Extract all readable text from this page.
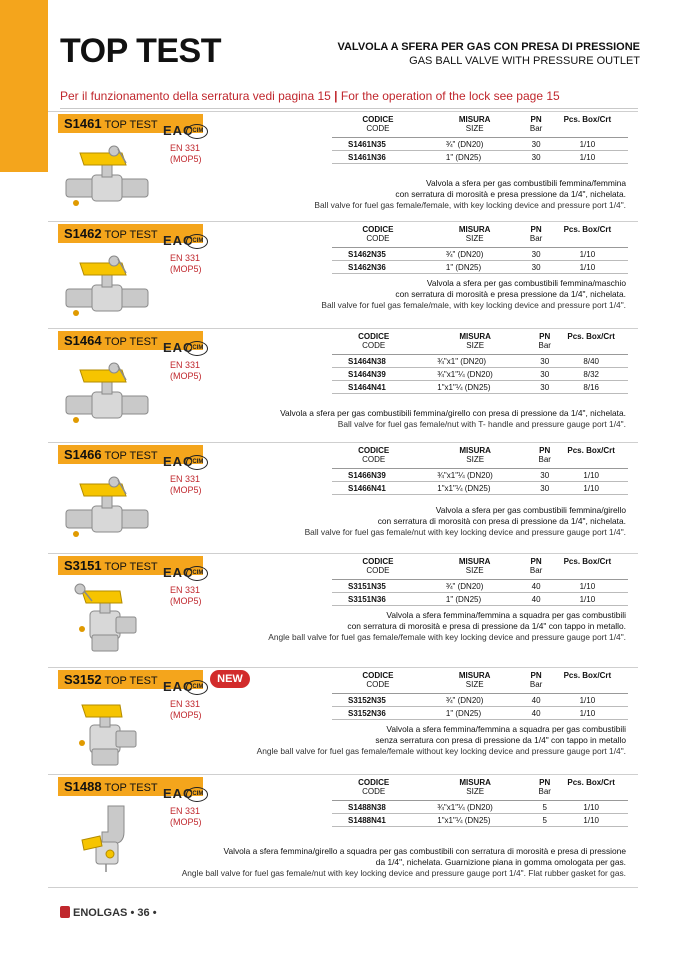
TOP TEST	VALVOLA A SFERA PER GAS CON PRESA DI PRESSIONE
GAS BALL VALVE WITH PRESSURE OUTLET
Per il funzionamento della serratura vedi pagina 15 | For the operation of the lock see page 15
S1461 TOP TEST EAC
ICIM
EN 331
(MOP5)
CODICE	MISURA	PN	Pcs. Box/Crt
CODE	SIZE	Bar	
S1461N35	¾" (DN20)	30	1/10
S1461N36	1" (DN25)	30	1/10
Valvola a sfera per gas combustibili femmina/femmina
con serratura di morosità e presa pressione da 1/4", nichelata.
Ball valve for fuel gas female/female, with key locking device and pressure port 1/4".
S1462 TOP TEST EAC
ICIM
EN 331
(MOP5)
CODICE	MISURA	PN	Pcs. Box/Crt
CODE	SIZE	Bar	
S1462N35	¾" (DN20)	30	1/10
S1462N36	1" (DN25)	30	1/10
Valvola a sfera per gas combustibili femmina/maschio
con serratura di morosità e presa pressione da 1/4", nichelata.
Ball valve for fuel gas female/male, with key locking device and pressure port 1/4".
S1464 TOP TEST EAC
ICIM
EN 331
(MOP5)
CODICE	MISURA	PN	Pcs. Box/Crt
CODE	SIZE	Bar	
S1464N38	¾"x1" (DN20)	30	8/40
S1464N39	¾"x1"¼ (DN20)	30	8/32
S1464N41	1"x1"¼ (DN25)	30	8/16
Valvola a sfera per gas combustibili femmina/girello con presa di pressione da 1/4", nichelata.
Ball valve for fuel gas female/nut with T- handle and pressure gauge port 1/4".
S1466 TOP TEST EAC
ICIM
EN 331
(MOP5)
CODICE	MISURA	PN	Pcs. Box/Crt
CODE	SIZE	Bar	
S1466N39	¾"x1"¼ (DN20)	30	1/10
S1466N41	1"x1"¼ (DN25)	30	1/10
Valvola a sfera per gas combustibili femmina/girello
con serratura di morosità con presa di pressione da 1/4", nichelata.
Ball valve for fuel gas female/nut with key locking device and pressure gauge port 1/4".
S3151 TOP TEST EAC
ICIM
EN 331
(MOP5)
CODICE	MISURA	PN	Pcs. Box/Crt
CODE	SIZE	Bar	
S3151N35	¾" (DN20)	40	1/10
S3151N36	1" (DN25)	40	1/10
Valvola a sfera femmina/femmina a squadra per gas combustibili
con serratura di morosità e presa di pressione da 1/4" con tappo in metallo.
Angle ball valve for fuel gas female/female with key locking device and pressure gauge port 1/4".
S3152 TOP TEST	NEW
EAC
ICIM
EN 331
(MOP5)
CODICE	MISURA	PN	Pcs. Box/Crt
CODE	SIZE	Bar	
S3152N35	¾" (DN20)	40	1/10
S3152N36	1" (DN25)	40	1/10
Valvola a sfera femmina/femmina a squadra per gas combustibili
senza serratura con presa di pressione da 1/4" con tappo in metallo
Angle ball valve for fuel gas female/female without key locking device and pressure gauge port 1/4".
S1488 TOP TEST EAC
ICIM
EN 331
(MOP5)
CODICE	MISURA	PN	Pcs. Box/Crt
CODE	SIZE	Bar	
S1488N38	¾"x1"¼ (DN20)	5	1/10
S1488N41	1"x1"¼ (DN25)	5	1/10
Valvola a sfera femmina/girello a squadra per gas combustibili con serratura di morosità e presa di pressione
da 1/4", nichelata. Guarnizione piana in gomma omologata per gas.
Angle ball valve for fuel gas female/nut with key locking device and pressure gauge port 1/4". Flat rubber gasket for gas.
ENOLGAS • 36 •
